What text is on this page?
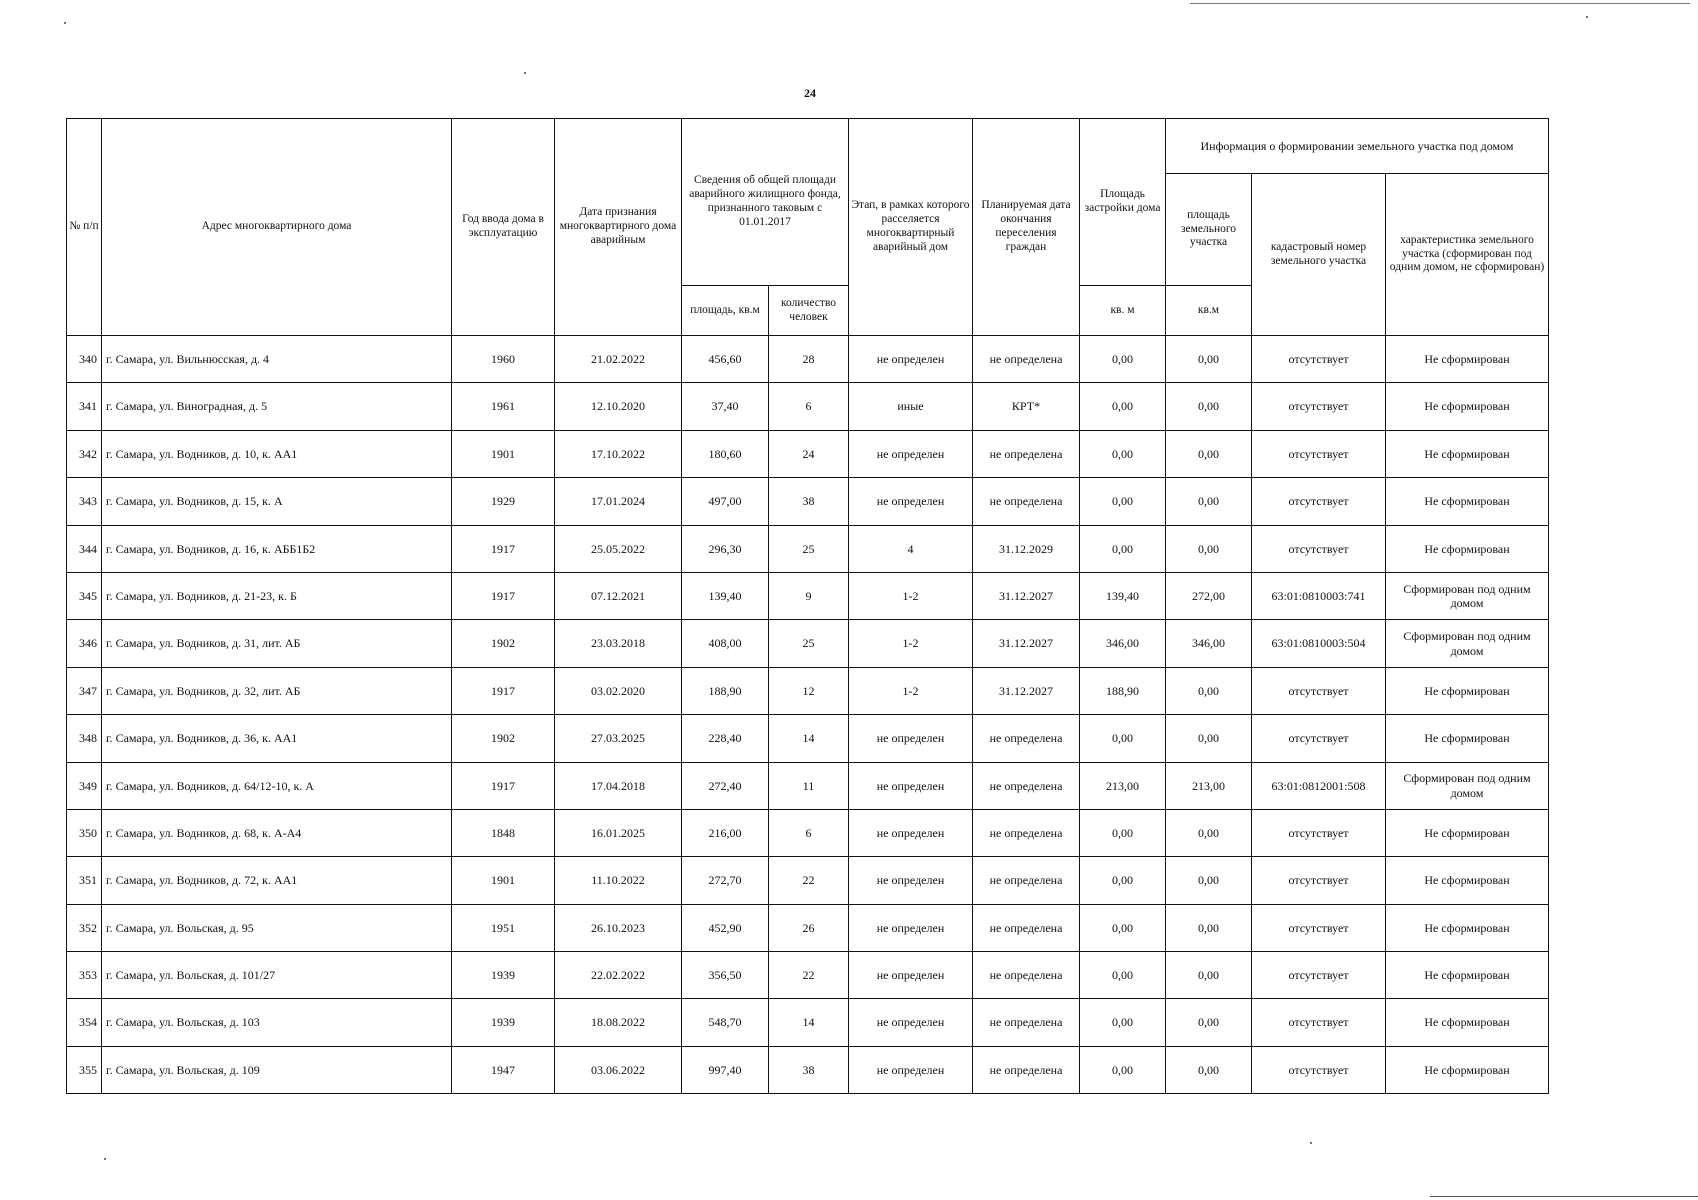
24
№ п/п	Адрес многоквартирного дома	Год ввода дома в эксплуатацию	Дата признания многоквартирного дома аварийным	Сведения об общей площади аварийного жилищного фонда, признанного таковым с 01.01.2017		Этап, в рамках которого расселяется многоквартирный аварийный дом	Планируемая дата окончания переселения граждан	Площадь застройки дома	Информация о формировании земельного участка под домом		
									площадь земельного участка	кадастровый номер земельного участка	характеристика земельного участка (сформирован под одним домом, не сформирован)
				площадь, кв.м	количество человек			кв. м	кв.м		
340	г. Самара, ул. Вильнюсская, д. 4	1960	21.02.2022	456,60	28	не определен	не определена	0,00	0,00	отсутствует	Не сформирован
341	г. Самара, ул. Виноградная, д. 5	1961	12.10.2020	37,40	6	иные	КРТ*	0,00	0,00	отсутствует	Не сформирован
342	г. Самара, ул. Водников, д. 10, к. АА1	1901	17.10.2022	180,60	24	не определен	не определена	0,00	0,00	отсутствует	Не сформирован
343	г. Самара, ул. Водников, д. 15, к. А	1929	17.01.2024	497,00	38	не определен	не определена	0,00	0,00	отсутствует	Не сформирован
344	г. Самара, ул. Водников, д. 16, к. АББ1Б2	1917	25.05.2022	296,30	25	4	31.12.2029	0,00	0,00	отсутствует	Не сформирован
345	г. Самара, ул. Водников, д. 21-23, к. Б	1917	07.12.2021	139,40	9	1-2	31.12.2027	139,40	272,00	63:01:0810003:741	Сформирован под одним домом
346	г. Самара, ул. Водников, д. 31, лит. АБ	1902	23.03.2018	408,00	25	1-2	31.12.2027	346,00	346,00	63:01:0810003:504	Сформирован под одним домом
347	г. Самара, ул. Водников, д. 32, лит. АБ	1917	03.02.2020	188,90	12	1-2	31.12.2027	188,90	0,00	отсутствует	Не сформирован
348	г. Самара, ул. Водников, д. 36, к. АА1	1902	27.03.2025	228,40	14	не определен	не определена	0,00	0,00	отсутствует	Не сформирован
349	г. Самара, ул. Водников, д. 64/12-10, к. А	1917	17.04.2018	272,40	11	не определен	не определена	213,00	213,00	63:01:0812001:508	Сформирован под одним домом
350	г. Самара, ул. Водников, д. 68, к. А-А4	1848	16.01.2025	216,00	6	не определен	не определена	0,00	0,00	отсутствует	Не сформирован
351	г. Самара, ул. Водников, д. 72, к. АА1	1901	11.10.2022	272,70	22	не определен	не определена	0,00	0,00	отсутствует	Не сформирован
352	г. Самара, ул. Вольская, д. 95	1951	26.10.2023	452,90	26	не определен	не определена	0,00	0,00	отсутствует	Не сформирован
353	г. Самара, ул. Вольская, д. 101/27	1939	22.02.2022	356,50	22	не определен	не определена	0,00	0,00	отсутствует	Не сформирован
354	г. Самара, ул. Вольская, д. 103	1939	18.08.2022	548,70	14	не определен	не определена	0,00	0,00	отсутствует	Не сформирован
355	г. Самара, ул. Вольская, д. 109	1947	03.06.2022	997,40	38	не определен	не определена	0,00	0,00	отсутствует	Не сформирован
